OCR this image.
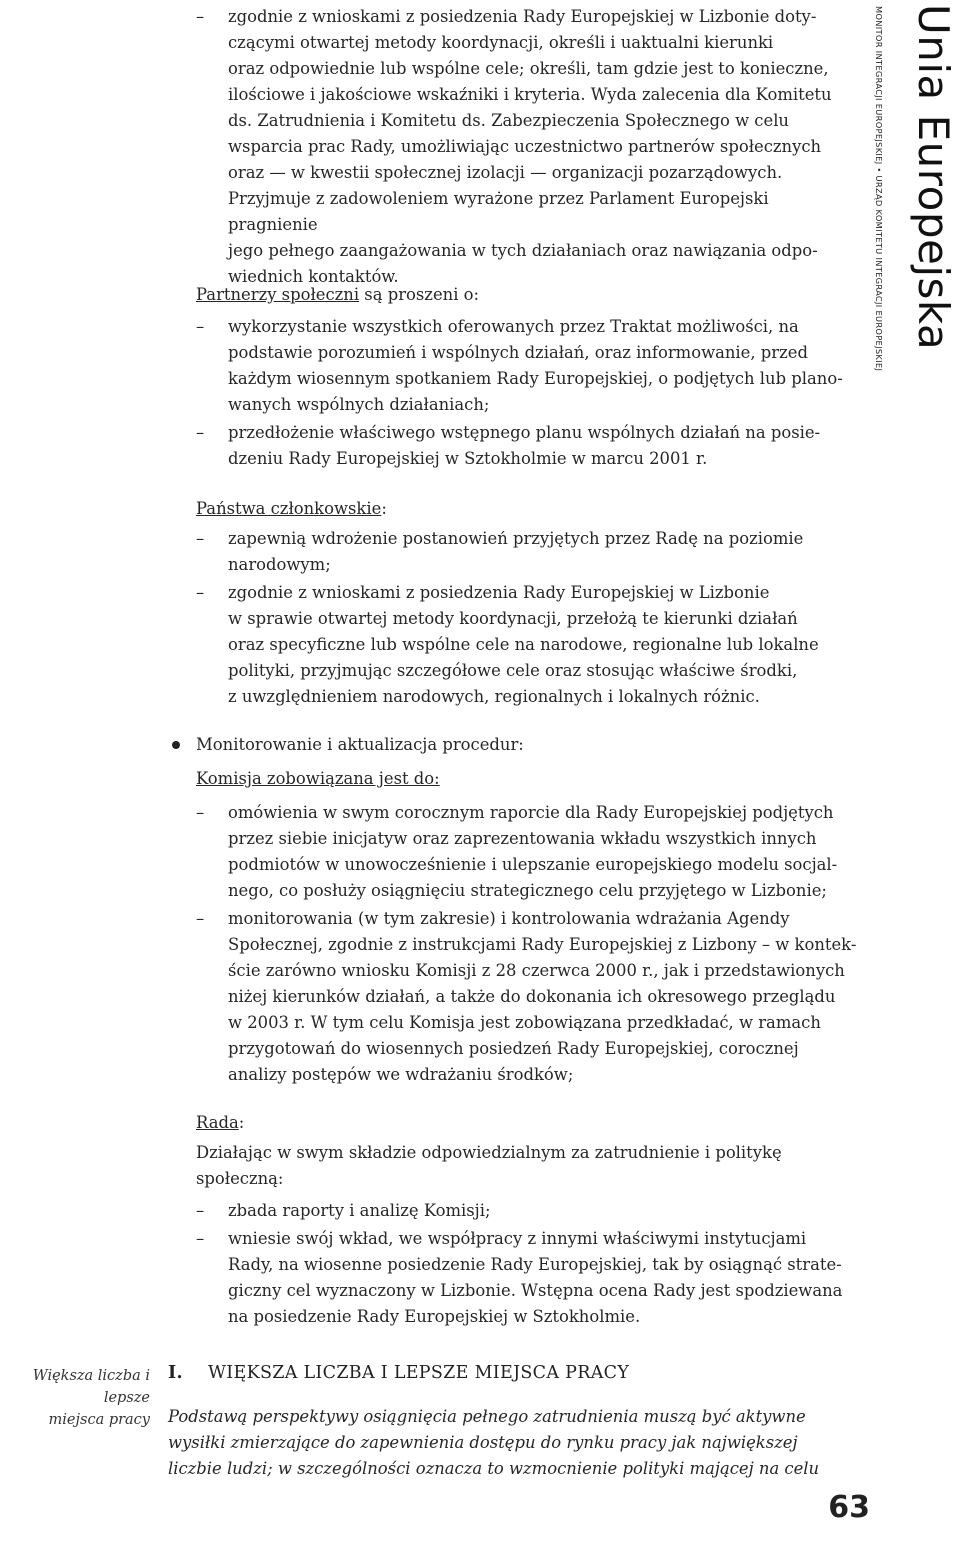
Unia Europejska
MONITOR INTEGRACJI EUROPEJSKIEJ • URZĄD KOMITETU INTEGRACJI EUROPEJSKIEJ
– zgodnie z wnioskami z posiedzenia Rady Europejskiej w Lizbonie doty-
czącymi otwartej metody koordynacji, określi i uaktualni kierunki
oraz odpowiednie lub wspólne cele; określi, tam gdzie jest to konieczne,
ilościowe i jakościowe wskaźniki i kryteria. Wyda zalecenia dla Komitetu
ds. Zatrudnienia i Komitetu ds. Zabezpieczenia Społecznego w celu
wsparcia prac Rady, umożliwiając uczestnictwo partnerów społecznych
oraz — w kwestii społecznej izolacji — organizacji pozarządowych.
Przyjmuje z zadowoleniem wyrażone przez Parlament Europejski pragnienie
jego pełnego zaangażowania w tych działaniach oraz nawiązania odpo-
wiednich kontaktów.
Partnerzy społeczni są proszeni o:
– wykorzystanie wszystkich oferowanych przez Traktat możliwości, na
podstawie porozumień i wspólnych działań, oraz informowanie, przed
każdym wiosennym spotkaniem Rady Europejskiej, o podjętych lub plano-
wanych wspólnych działaniach;
– przedłożenie właściwego wstępnego planu wspólnych działań na posie-
dzeniu Rady Europejskiej w Sztokholmie w marcu 2001 r.
Państwa członkowskie:
– zapewnią wdrożenie postanowień przyjętych przez Radę na poziomie
narodowym;
– zgodnie z wnioskami z posiedzenia Rady Europejskiej w Lizbonie
w sprawie otwartej metody koordynacji, przełożą te kierunki działań
oraz specyficzne lub wspólne cele na narodowe, regionalne lub lokalne
polityki, przyjmując szczegółowe cele oraz stosując właściwe środki,
z uwzględnieniem narodowych, regionalnych i lokalnych różnic.
Monitorowanie i aktualizacja procedur:
Komisja zobowiązana jest do:
– omówienia w swym corocznym raporcie dla Rady Europejskiej podjętych
przez siebie inicjatyw oraz zaprezentowania wkładu wszystkich innych
podmiotów w unowocześnienie i ulepszanie europejskiego modelu socjal-
nego, co posłuży osiągnięciu strategicznego celu przyjętego w Lizbonie;
– monitorowania (w tym zakresie) i kontrolowania wdrażania Agendy
Społecznej, zgodnie z instrukcjami Rady Europejskiej z Lizbony – w kontek-
ście zarówno wniosku Komisji z 28 czerwca 2000 r., jak i przedstawionych
niżej kierunków działań, a także do dokonania ich okresowego przeglądu
w 2003 r. W tym celu Komisja jest zobowiązana przedkładać, w ramach
przygotowań do wiosennych posiedzeń Rady Europejskiej, corocznej
analizy postępów we wdrażaniu środków;
Rada:
Działając w swym składzie odpowiedzialnym za zatrudnienie i politykę
społeczną:
– zbada raporty i analizę Komisji;
– wniesie swój wkład, we współpracy z innymi właściwymi instytucjami
Rady, na wiosenne posiedzenie Rady Europejskiej, tak by osiągnąć strate-
giczny cel wyznaczony w Lizbonie. Wstępna ocena Rady jest spodziewana
na posiedzenie Rady Europejskiej w Sztokholmie.
Większa liczba i lepsze
miejsca pracy
I. WIĘKSZA LICZBA I LEPSZE MIEJSCA PRACY
Podstawą perspektywy osiągnięcia pełnego zatrudnienia muszą być aktywne
wysiłki zmierzające do zapewnienia dostępu do rynku pracy jak największej
liczbie ludzi; w szczególności oznacza to wzmocnienie polityki mającej na celu
63
